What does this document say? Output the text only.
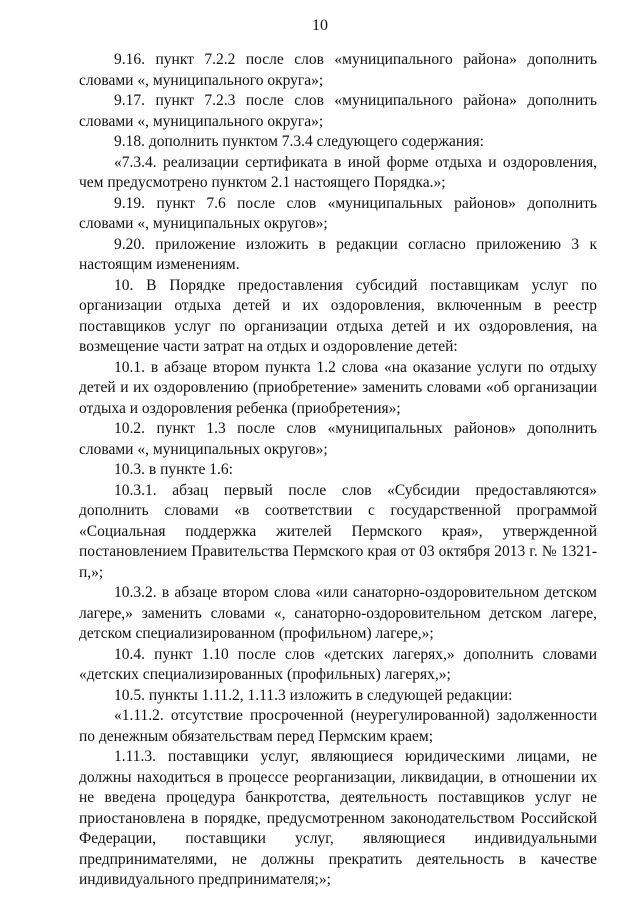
10

9.16. пункт 7.2.2 после слов «муниципального района» дополнить словами «, муниципального округа»;

9.17. пункт 7.2.3 после слов «муниципального района» дополнить словами «, муниципального округа»;

9.18. дополнить пунктом 7.3.4 следующего содержания:

«7.3.4. реализации сертификата в иной форме отдыха и оздоровления, чем предусмотрено пунктом 2.1 настоящего Порядка.»;

9.19. пункт 7.6 после слов «муниципальных районов» дополнить словами «, муниципальных округов»;

9.20. приложение изложить в редакции согласно приложению 3 к настоящим изменениям.

10. В Порядке предоставления субсидий поставщикам услуг по организации отдыха детей и их оздоровления, включенным в реестр поставщиков услуг по организации отдыха детей и их оздоровления, на возмещение части затрат на отдых и оздоровление детей:

10.1. в абзаце втором пункта 1.2 слова «на оказание услуги по отдыху детей и их оздоровлению (приобретение» заменить словами «об организации отдыха и оздоровления ребенка (приобретения»;

10.2. пункт 1.3 после слов «муниципальных районов» дополнить словами «, муниципальных округов»;

10.3. в пункте 1.6:

10.3.1. абзац первый после слов «Субсидии предоставляются» дополнить словами «в соответствии с государственной программой «Социальная поддержка жителей Пермского края», утвержденной постановлением Правительства Пермского края от 03 октября 2013 г. № 1321-п,»;

10.3.2. в абзаце втором слова «или санаторно-оздоровительном детском лагере,» заменить словами «, санаторно-оздоровительном детском лагере, детском специализированном (профильном) лагере,»;

10.4. пункт 1.10 после слов «детских лагерях,» дополнить словами «детских специализированных (профильных) лагерях,»;

10.5. пункты 1.11.2, 1.11.3 изложить в следующей редакции:

«1.11.2. отсутствие просроченной (неурегулированной) задолженности по денежным обязательствам перед Пермским краем;

1.11.3. поставщики услуг, являющиеся юридическими лицами, не должны находиться в процессе реорганизации, ликвидации, в отношении их не введена процедура банкротства, деятельность поставщиков услуг не приостановлена в порядке, предусмотренном законодательством Российской Федерации, поставщики услуг, являющиеся индивидуальными предпринимателями, не должны прекратить деятельность в качестве индивидуального предпринимателя;»;
